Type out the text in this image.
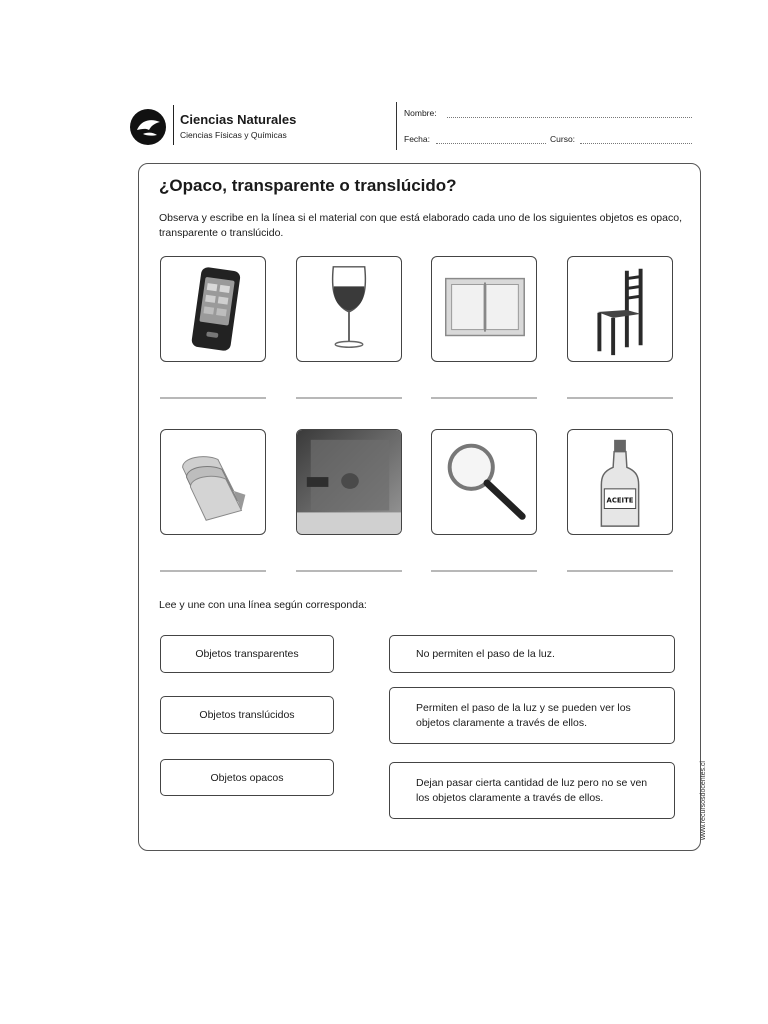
Ciencias Naturales
Ciencias Físicas y Químicas
Nombre:
Fecha:	Curso:
¿Opaco, transparente o translúcido?
Observa y escribe en la línea si el material con que está elaborado cada uno de los siguientes objetos es opaco, transparente o translúcido.
ACEITE
Lee y une con una línea según corresponda:
Objetos transparentes
Objetos translúcidos
Objetos opacos
No permiten el paso de la luz.
Permiten el paso de la luz y se pueden ver los objetos claramente a través de ellos.
Dejan pasar cierta cantidad de luz pero no se ven los objetos claramente a través de ellos.	www.recursosdocentes.cl
